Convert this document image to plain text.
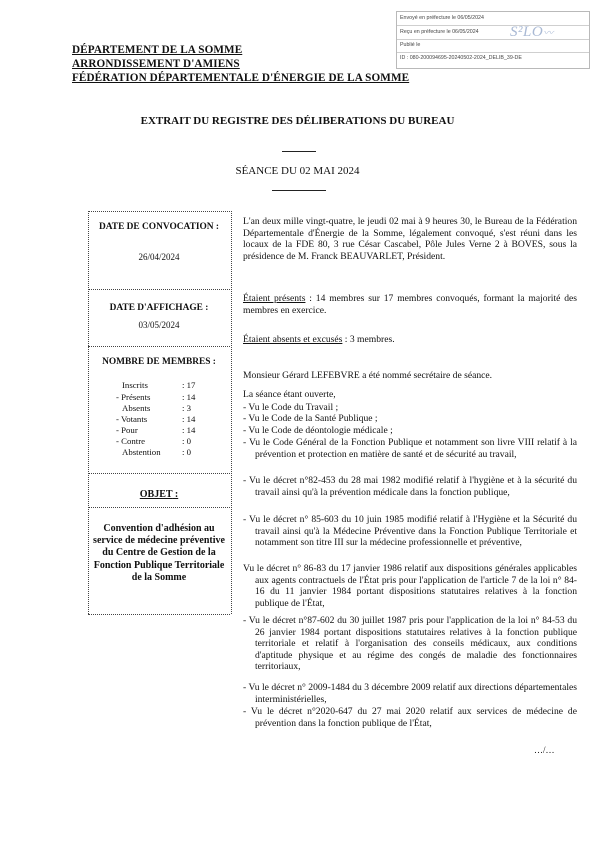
Envoyé en préfecture le 06/05/2024
Reçu en préfecture le 06/05/2024
Publié le
ID : 080-200094695-20240502-2024_DELIB_39-DE
S²LO〰
DÉPARTEMENT DE LA SOMME
ARRONDISSEMENT D'AMIENS
FÉDÉRATION DÉPARTEMENTALE D'ÉNERGIE DE LA SOMME
EXTRAIT DU REGISTRE DES DÉLIBERATIONS DU BUREAU
SÉANCE DU 02 MAI 2024
DATE DE CONVOCATION :
26/04/2024
DATE D'AFFICHAGE :
03/05/2024
NOMBRE DE MEMBRES :
Inscrits	: 17
- Présents	: 14
Absents	: 3
- Votants	: 14
- Pour	: 14
- Contre	: 0
Abstention : 0
OBJET :
Convention d'adhésion au service de médecine préventive du Centre de Gestion de la Fonction Publique Territoriale de la Somme
L'an deux mille vingt-quatre, le jeudi 02 mai à 9 heures 30, le Bureau de la Fédération Départementale d'Énergie de la Somme, légalement convoqué, s'est réuni dans les locaux de la FDE 80, 3 rue César Cascabel, Pôle Jules Verne 2 à BOVES, sous la présidence de M. Franck BEAUVARLET, Président.
Étaient présents : 14 membres sur 17 membres convoqués, formant la majorité des membres en exercice.
Étaient absents et excusés : 3 membres.
Monsieur Gérard LEFEBVRE a été nommé secrétaire de séance.
La séance étant ouverte,
- Vu le Code du Travail ;
- Vu le Code de la Santé Publique ;
- Vu le Code de déontologie médicale ;
- Vu le Code Général de la Fonction Publique et notamment son livre VIII relatif à la prévention et protection en matière de santé et de sécurité au travail,
- Vu le décret n°82-453 du 28 mai 1982 modifié relatif à l'hygiène et à la sécurité du travail ainsi qu'à la prévention médicale dans la fonction publique,
- Vu le décret n° 85-603 du 10 juin 1985 modifié relatif à l'Hygiène et la Sécurité du travail ainsi qu'à la Médecine Préventive dans la Fonction Publique Territoriale et notamment son titre III sur la médecine professionnelle et préventive,
Vu le décret n° 86-83 du 17 janvier 1986 relatif aux dispositions générales applicables aux agents contractuels de l'État pris pour l'application de l'article 7 de la loi n° 84-16 du 11 janvier 1984 portant dispositions statutaires relatives à la fonction publique de l'État,
- Vu le décret n°87-602 du 30 juillet 1987 pris pour l'application de la loi n° 84-53 du 26 janvier 1984 portant dispositions statutaires relatives à la fonction publique territoriale et relatif à l'organisation des conseils médicaux, aux conditions d'aptitude physique et au régime des congés de maladie des fonctionnaires territoriaux,
- Vu le décret n° 2009-1484 du 3 décembre 2009 relatif aux directions départementales interministérielles,
- Vu le décret n°2020-647 du 27 mai 2020 relatif aux services de médecine de prévention dans la fonction publique de l'État,
…/…
